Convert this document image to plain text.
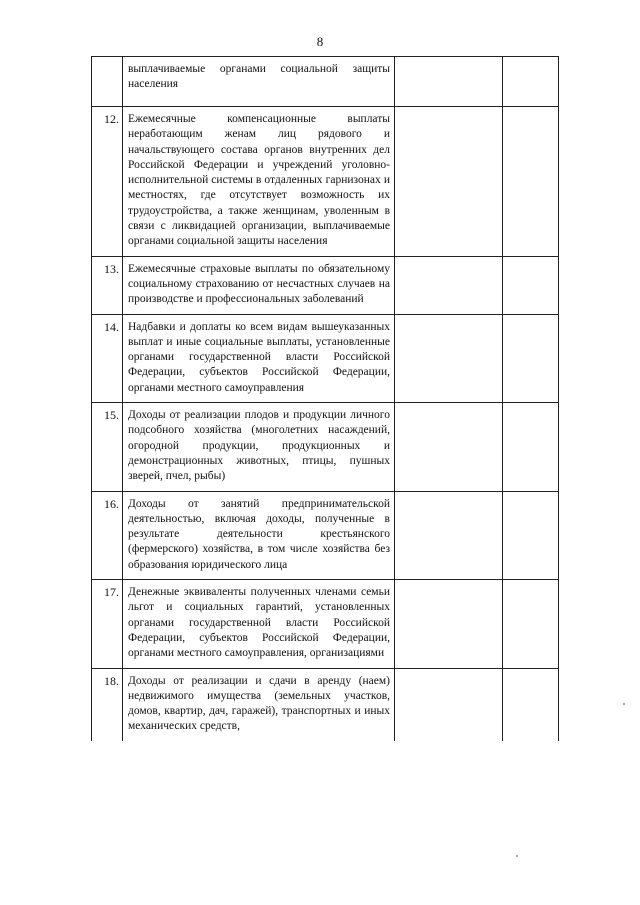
8
	выплачиваемые органами социальной защиты населения		
12.	Ежемесячные компенсационные выплаты неработающим женам лиц рядового и начальствующего состава органов внутренних дел Российской Федерации и учреждений уголовно-исполнительной системы в отдаленных гарнизонах и местностях, где отсутствует возможность их трудоустройства, а также женщинам, уволенным в связи с ликвидацией организации, выплачиваемые органами социальной защиты населения		
13.	Ежемесячные страховые выплаты по обязательному социальному страхованию от несчастных случаев на производстве и профессиональных заболеваний		
14.	Надбавки и доплаты ко всем видам вышеуказанных выплат и иные социальные выплаты, установленные органами государственной власти Российской Федерации, субъектов Российской Федерации, органами местного самоуправления		
15.	Доходы от реализации плодов и продукции личного подсобного хозяйства (многолетних насаждений, огородной продукции, продукционных и демонстрационных животных, птицы, пушных зверей, пчел, рыбы)		
16.	Доходы от занятий предпринимательской деятельностью, включая доходы, полученные в результате деятельности крестьянского (фермерского) хозяйства, в том числе хозяйства без образования юридического лица		
17.	Денежные эквиваленты полученных членами семьи льгот и социальных гарантий, установленных органами государственной власти Российской Федерации, субъектов Российской Федерации, органами местного самоуправления, организациями		
18.	Доходы от реализации и сдачи в аренду (наем) недвижимого имущества (земельных участков, домов, квартир, дач, гаражей), транспортных и иных механических средств,		
